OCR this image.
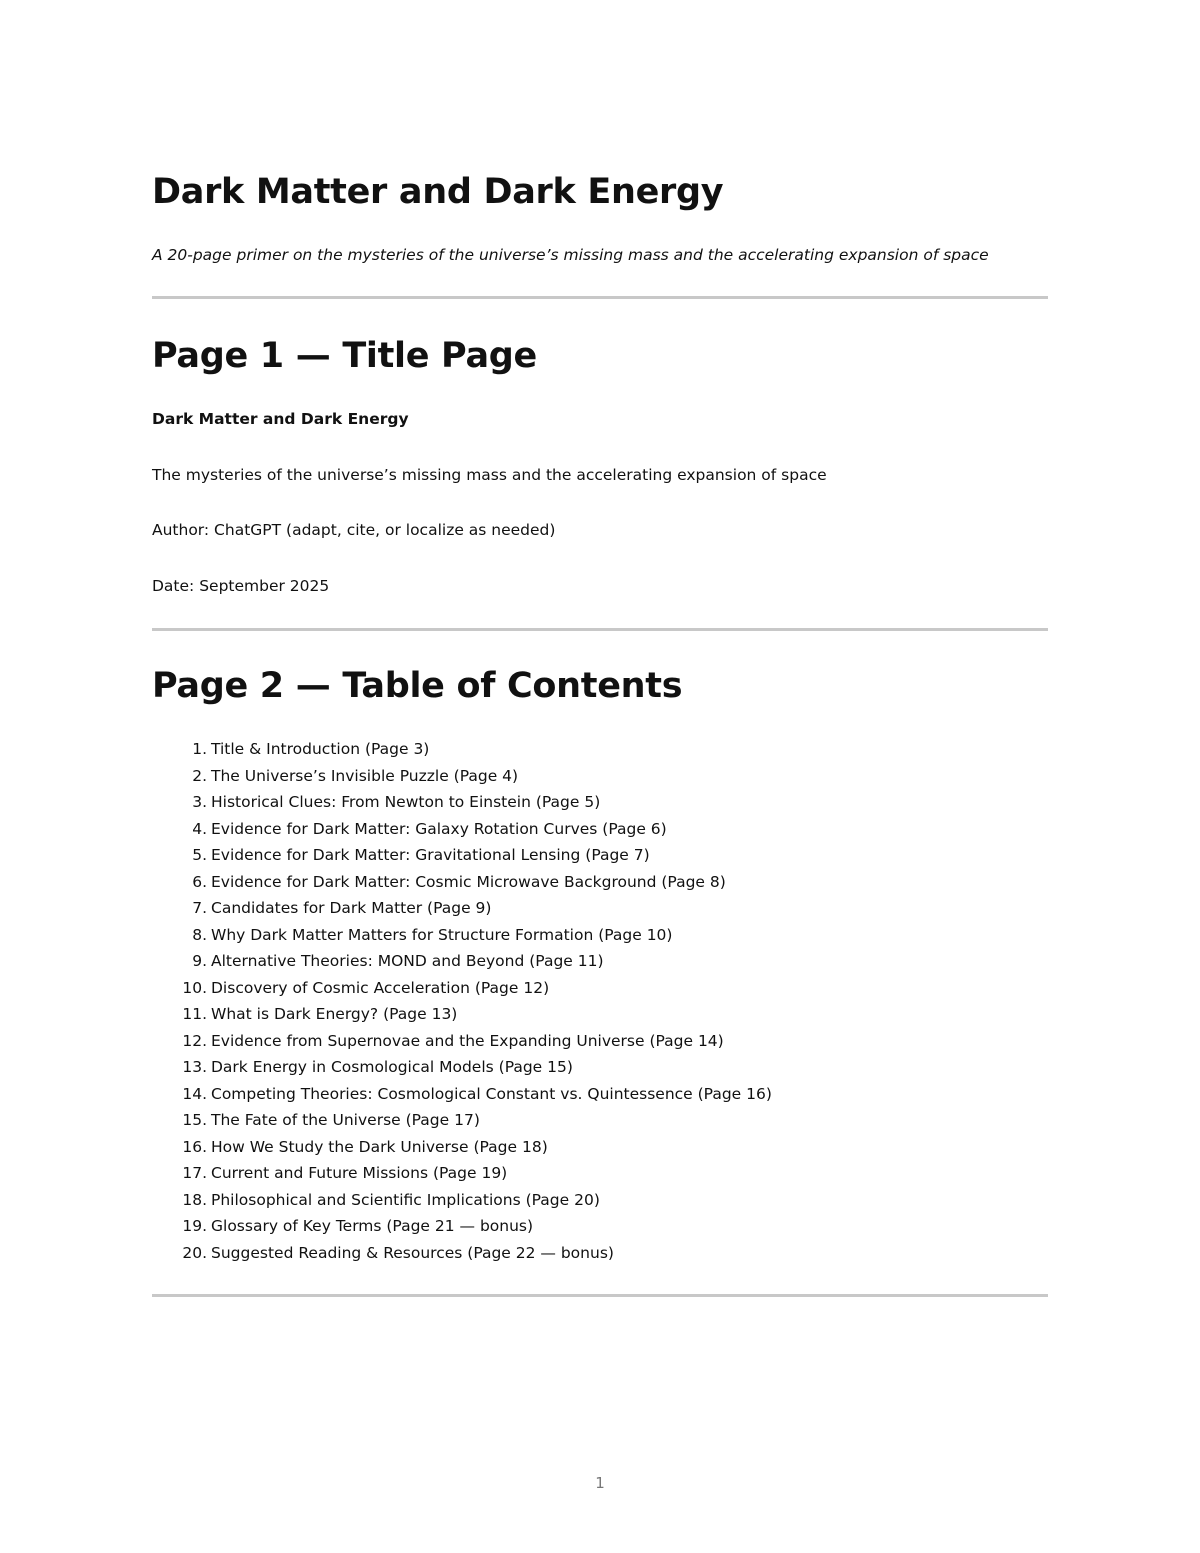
Dark Matter and Dark Energy

A 20-page primer on the mysteries of the universe’s missing mass and the accelerating expansion of space

Page 1 — Title Page

Dark Matter and Dark Energy

The mysteries of the universe’s missing mass and the accelerating expansion of space

Author: ChatGPT (adapt, cite, or localize as needed)

Date: September 2025

Page 2 — Table of Contents
1. Title & Introduction (Page 3)
2. The Universe’s Invisible Puzzle (Page 4)
3. Historical Clues: From Newton to Einstein (Page 5)
4. Evidence for Dark Matter: Galaxy Rotation Curves (Page 6)
5. Evidence for Dark Matter: Gravitational Lensing (Page 7)
6. Evidence for Dark Matter: Cosmic Microwave Background (Page 8)
7. Candidates for Dark Matter (Page 9)
8. Why Dark Matter Matters for Structure Formation (Page 10)
9. Alternative Theories: MOND and Beyond (Page 11)
10. Discovery of Cosmic Acceleration (Page 12)
11. What is Dark Energy? (Page 13)
12. Evidence from Supernovae and the Expanding Universe (Page 14)
13. Dark Energy in Cosmological Models (Page 15)
14. Competing Theories: Cosmological Constant vs. Quintessence (Page 16)
15. The Fate of the Universe (Page 17)
16. How We Study the Dark Universe (Page 18)
17. Current and Future Missions (Page 19)
18. Philosophical and Scientific Implications (Page 20)
19. Glossary of Key Terms (Page 21 — bonus)
20. Suggested Reading & Resources (Page 22 — bonus)
1
